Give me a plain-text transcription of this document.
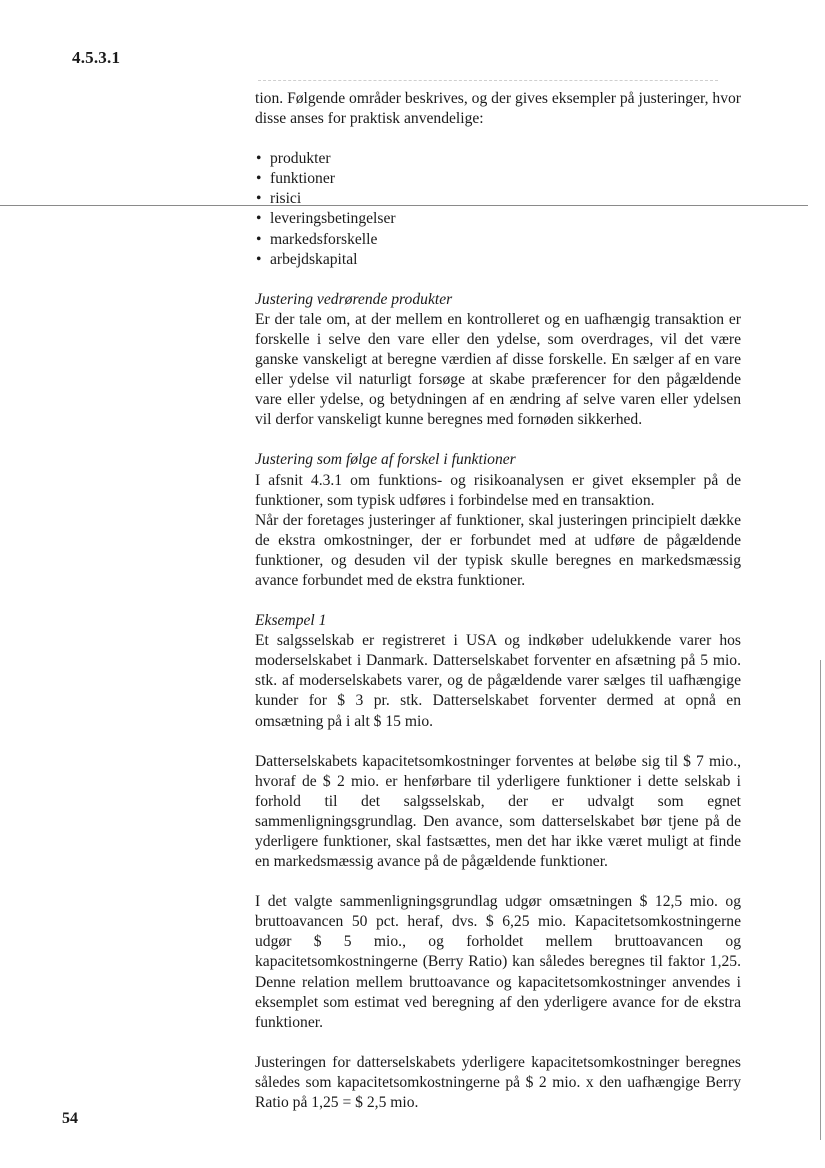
4.5.3.1

tion. Følgende områder beskrives, og der gives eksempler på justeringer, hvor disse anses for praktisk anvendelige:

• produkter
• funktioner
• risici
• leveringsbetingelser
• markedsforskelle
• arbejdskapital

Justering vedrørende produkter

Er der tale om, at der mellem en kontrolleret og en uafhængig transaktion er forskelle i selve den vare eller den ydelse, som overdrages, vil det være ganske vanskeligt at beregne værdien af disse forskelle. En sælger af en vare eller ydelse vil naturligt forsøge at skabe præferencer for den pågældende vare eller ydelse, og betydningen af en ændring af selve varen eller ydelsen vil derfor vanskeligt kunne beregnes med fornøden sikkerhed.

Justering som følge af forskel i funktioner

I afsnit 4.3.1 om funktions- og risikoanalysen er givet eksempler på de funktioner, som typisk udføres i forbindelse med en transaktion.

Når der foretages justeringer af funktioner, skal justeringen principielt dække de ekstra omkostninger, der er forbundet med at udføre de pågældende funktioner, og desuden vil der typisk skulle beregnes en markedsmæssig avance forbundet med de ekstra funktioner.

Eksempel 1

Et salgsselskab er registreret i USA og indkøber udelukkende varer hos moderselskabet i Danmark. Datterselskabet forventer en afsætning på 5 mio. stk. af moderselskabets varer, og de pågældende varer sælges til uafhængige kunder for $ 3 pr. stk. Datterselskabet forventer dermed at opnå en omsætning på i alt $ 15 mio.

Datterselskabets kapacitetsomkostninger forventes at beløbe sig til $ 7 mio., hvoraf de $ 2 mio. er henførbare til yderligere funktioner i dette selskab i forhold til det salgsselskab, der er udvalgt som egnet sammenligningsgrundlag. Den avance, som datterselskabet bør tjene på de yderligere funktioner, skal fastsættes, men det har ikke været muligt at finde en markedsmæssig avance på de pågældende funktioner.

I det valgte sammenligningsgrundlag udgør omsætningen $ 12,5 mio. og bruttoavancen 50 pct. heraf, dvs. $ 6,25 mio. Kapacitetsomkostningerne udgør $ 5 mio., og forholdet mellem bruttoavancen og kapacitetsomkostningerne (Berry Ratio) kan således beregnes til faktor 1,25. Denne relation mellem bruttoavance og kapacitetsomkostninger anvendes i eksemplet som estimat ved beregning af den yderligere avance for de ekstra funktioner.

Justeringen for datterselskabets yderligere kapacitetsomkostninger beregnes således som kapacitetsomkostningerne på $ 2 mio. x den uafhængige Berry Ratio på 1,25 = $ 2,5 mio.

54
